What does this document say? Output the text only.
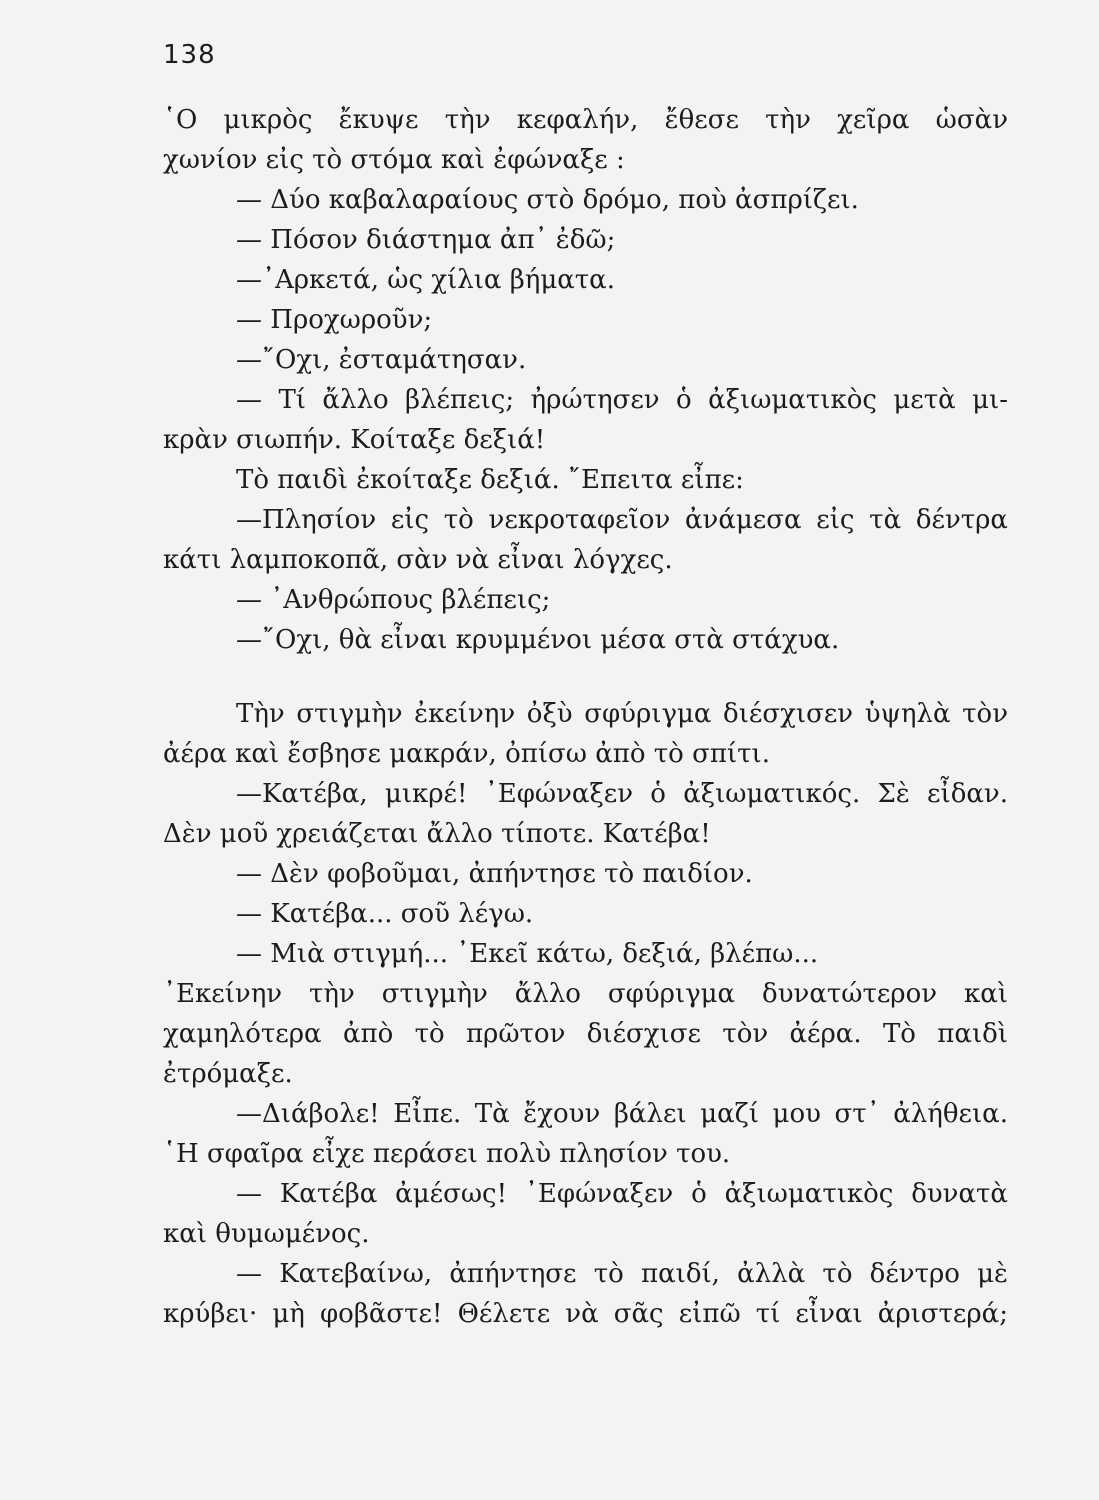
138
῾Ο μικρὸς ἔκυψε τὴν κεφαλήν, ἔθεσε τὴν χεῖρα ὡσὰν
χωνίον εἰς τὸ στόμα καὶ ἐφώναξε :
— Δύο καβαλαραίους στὸ δρόμο, ποὺ ἀσπρίζει.
— Πόσον διάστημα ἀπ᾽ ἐδῶ;
—᾽Αρκετά, ὡς χίλια βήματα.
— Προχωροῦν;
—῎Οχι, ἐσταμάτησαν.
— Τί ἄλλο βλέπεις; ἠρώτησεν ὁ ἀξιωματικὸς μετὰ μι-
κρὰν σιωπήν. Κοίταξε δεξιά!
Τὸ παιδὶ ἐκοίταξε δεξιά. ῎Επειτα εἶπε:
—Πλησίον εἰς τὸ νεκροταφεῖον ἀνάμεσα εἰς τὰ δέντρα
κάτι λαμποκοπᾶ, σὰν νὰ εἶναι λόγχες.
— ᾽Ανθρώπους βλέπεις;
—῎Οχι, θὰ εἶναι κρυμμένοι μέσα στὰ στάχυα.
Τὴν στιγμὴν ἐκείνην ὀξὺ σφύριγμα διέσχισεν ὑψηλὰ τὸν
ἀέρα καὶ ἔσβησε μακράν, ὀπίσω ἀπὸ τὸ σπίτι.
—Κατέβα, μικρέ! ᾽Εφώναξεν ὁ ἀξιωματικός. Σὲ εἶδαν.
Δὲν μοῦ χρειάζεται ἄλλο τίποτε. Κατέβα!
— Δὲν φοβοῦμαι, ἀπήντησε τὸ παιδίον.
— Κατέβα... σοῦ λέγω.
— Μιὰ στιγμή... ᾽Εκεῖ κάτω, δεξιά, βλέπω...
᾽Εκείνην τὴν στιγμὴν ἄλλο σφύριγμα δυνατώτερον καὶ
χαμηλότερα ἀπὸ τὸ πρῶτον διέσχισε τὸν ἀέρα. Τὸ παιδὶ
ἐτρόμαξε.
—Διάβολε! Εἶπε. Τὰ ἔχουν βάλει μαζί μου στ᾽ ἀλήθεια.
῾Η σφαῖρα εἶχε περάσει πολὺ πλησίον του.
— Κατέβα ἀμέσως! ᾽Εφώναξεν ὁ ἀξιωματικὸς δυνατὰ
καὶ θυμωμένος.
— Κατεβαίνω, ἀπήντησε τὸ παιδί, ἀλλὰ τὸ δέντρο μὲ
κρύβει· μὴ φοβᾶστε! Θέλετε νὰ σᾶς εἰπῶ τί εἶναι ἀριστερά;
